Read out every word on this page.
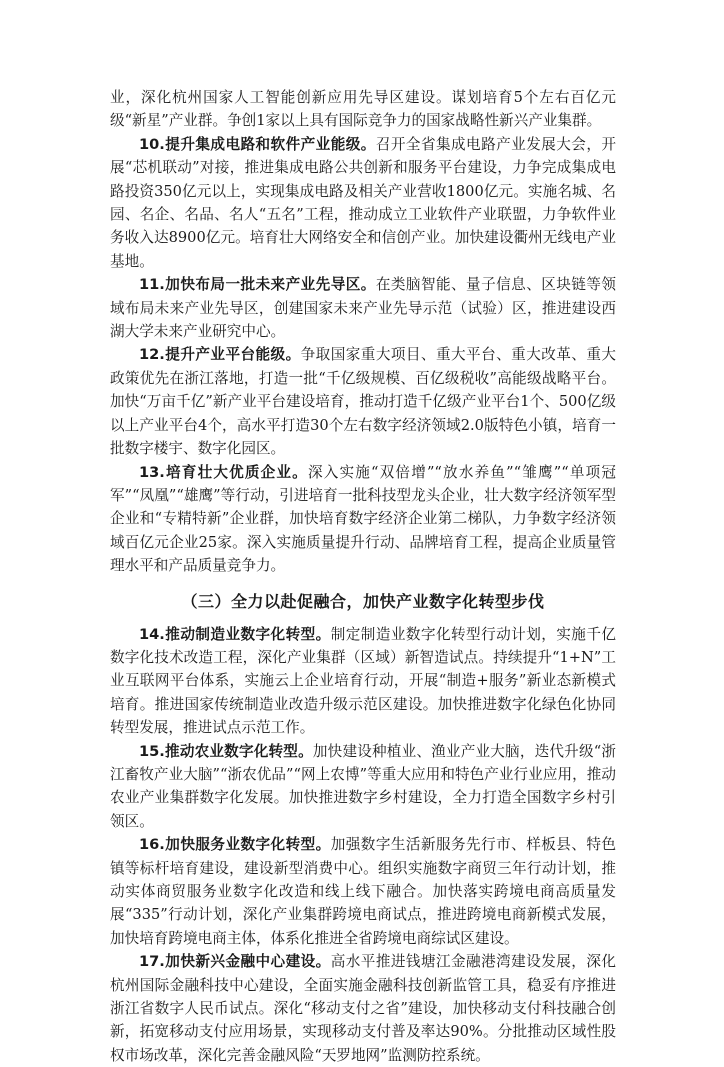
业，深化杭州国家人工智能创新应用先导区建设。谋划培育5个左右百亿元级“新星”产业群。争创1家以上具有国际竞争力的国家战略性新兴产业集群。

10.提升集成电路和软件产业能级。召开全省集成电路产业发展大会，开展“芯机联动”对接，推进集成电路公共创新和服务平台建设，力争完成集成电路投资350亿元以上，实现集成电路及相关产业营收1800亿元。实施名城、名园、名企、名品、名人“五名”工程，推动成立工业软件产业联盟，力争软件业务收入达8900亿元。培育壮大网络安全和信创产业。加快建设衢州无线电产业基地。

11.加快布局一批未来产业先导区。在类脑智能、量子信息、区块链等领域布局未来产业先导区，创建国家未来产业先导示范（试验）区，推进建设西湖大学未来产业研究中心。

12.提升产业平台能级。争取国家重大项目、重大平台、重大改革、重大政策优先在浙江落地，打造一批“千亿级规模、百亿级税收”高能级战略平台。加快“万亩千亿”新产业平台建设培育，推动打造千亿级产业平台1个、500亿级以上产业平台4个，高水平打造30个左右数字经济领域2.0版特色小镇，培育一批数字楼宇、数字化园区。

13.培育壮大优质企业。深入实施“双倍增”“放水养鱼”“雏鹰”“单项冠军”“凤凰”“雄鹰”等行动，引进培育一批科技型龙头企业，壮大数字经济领军型企业和“专精特新”企业群，加快培育数字经济企业第二梯队，力争数字经济领域百亿元企业25家。深入实施质量提升行动、品牌培育工程，提高企业质量管理水平和产品质量竞争力。

（三）全力以赴促融合，加快产业数字化转型步伐

14.推动制造业数字化转型。制定制造业数字化转型行动计划，实施千亿数字化技术改造工程，深化产业集群（区域）新智造试点。持续提升“1+N”工业互联网平台体系，实施云上企业培育行动，开展“制造+服务”新业态新模式培育。推进国家传统制造业改造升级示范区建设。加快推进数字化绿色化协同转型发展，推进试点示范工作。

15.推动农业数字化转型。加快建设种植业、渔业产业大脑，迭代升级“浙江畜牧产业大脑”“浙农优品”“网上农博”等重大应用和特色产业行业应用，推动农业产业集群数字化发展。加快推进数字乡村建设，全力打造全国数字乡村引领区。

16.加快服务业数字化转型。加强数字生活新服务先行市、样板县、特色镇等标杆培育建设，建设新型消费中心。组织实施数字商贸三年行动计划，推动实体商贸服务业数字化改造和线上线下融合。加快落实跨境电商高质量发展“335”行动计划，深化产业集群跨境电商试点，推进跨境电商新模式发展，加快培育跨境电商主体，体系化推进全省跨境电商综试区建设。

17.加快新兴金融中心建设。高水平推进钱塘江金融港湾建设发展，深化杭州国际金融科技中心建设，全面实施金融科技创新监管工具，稳妥有序推进浙江省数字人民币试点。深化“移动支付之省”建设，加快移动支付科技融合创新，拓宽移动支付应用场景，实现移动支付普及率达90%。分批推动区域性股权市场改革，深化完善金融风险“天罗地网”监测防控系统。
